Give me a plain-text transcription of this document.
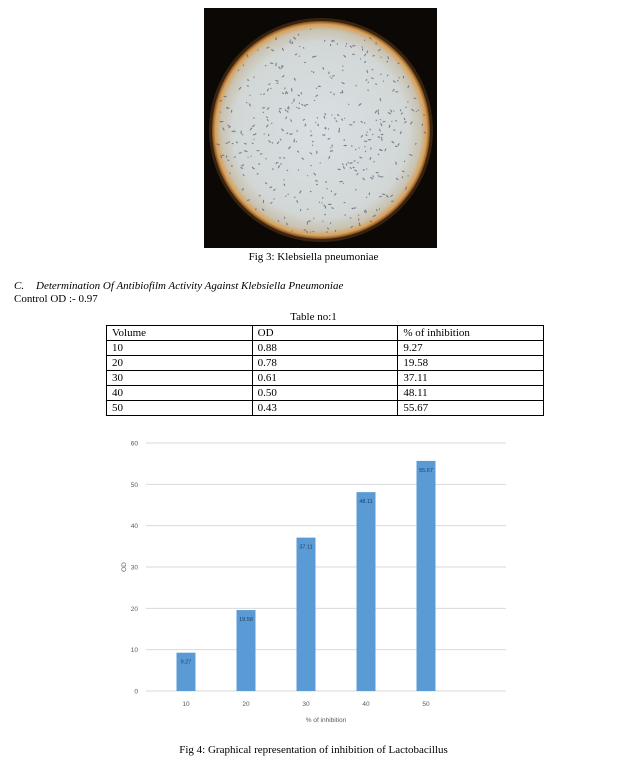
Fig 3: Klebsiella pneumoniae
C. Determination Of Antibiofilm Activity Against Klebsiella Pneumoniae
Control OD :- 0.97
Table no:1
Volume	OD	% of inhibition
10	0.88	9.27
20	0.78	19.58
30	0.61	37.11
40	0.50	48.11
50	0.43	55.67
0
10
20
30
40
50
60
9.27
10
19.58
20
37.11
30
48.11
40
55.67
50
% of inhibition
OD
Fig 4: Graphical representation of inhibition of Lactobacillus
